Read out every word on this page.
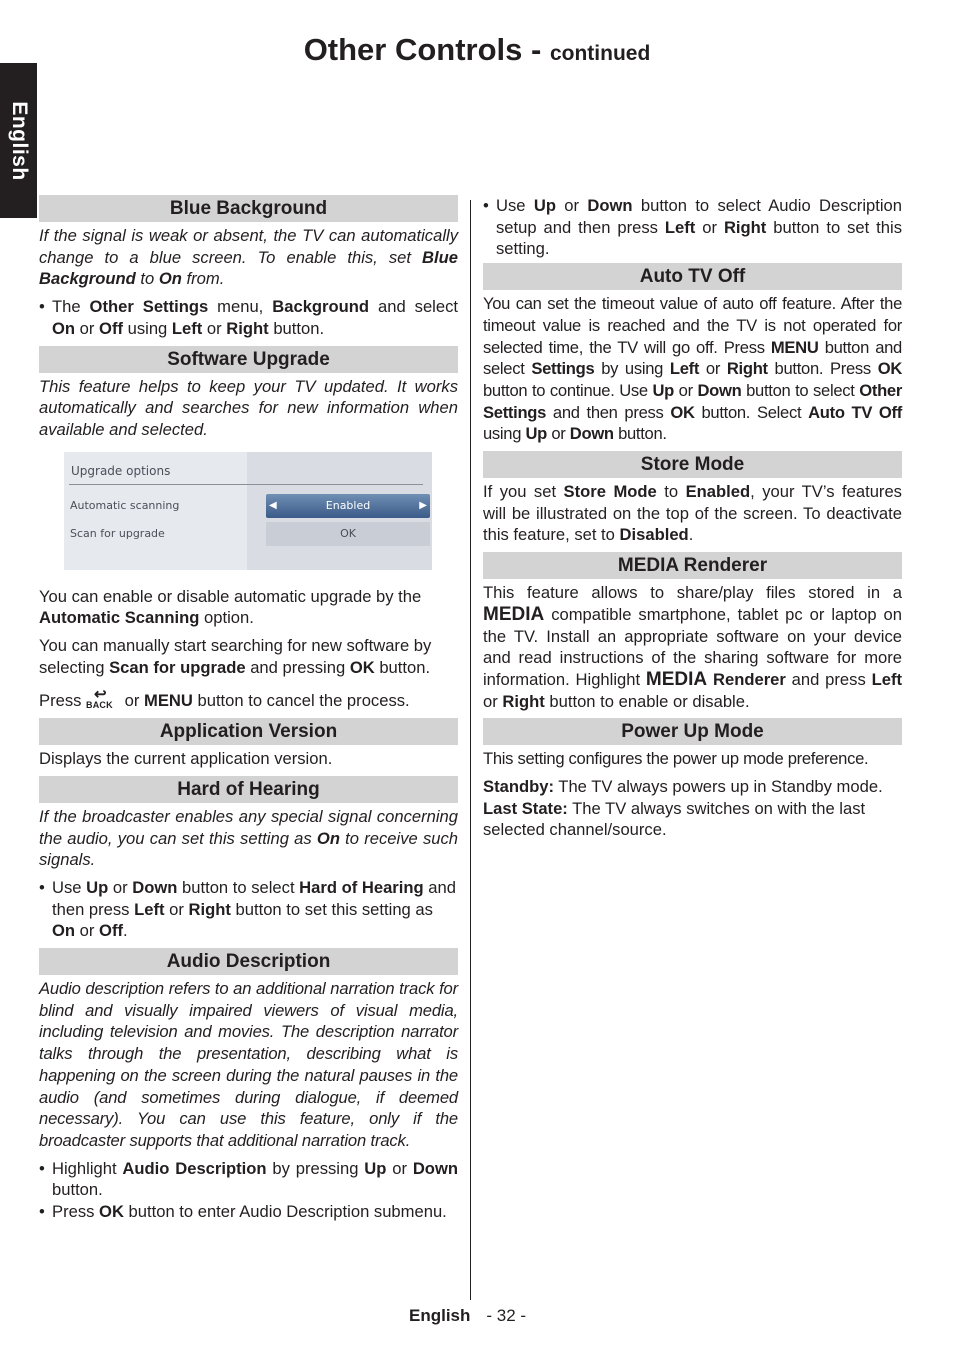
Other Controls - continued
English
Blue Background

If the signal is weak or absent, the TV can automatically change to a blue screen. To enable this, set Blue Background to On from.

• The Other Settings menu, Background and select On or Off using Left or Right button.
Software Upgrade

This feature helps to keep your TV updated. It works automatically and searches for new information when available and selected.

Upgrade options
Automatic scanning
Scan for upgrade
◀	Enabled	▶
OK

You can enable or disable automatic upgrade by the Automatic Scanning option.

You can manually start searching for new software by selecting Scan for upgrade and pressing OK button.

Press ↩
BACK or MENU button to cancel the process.

Application Version

Displays the current application version.

Hard of Hearing

If the broadcaster enables any special signal concerning the audio, you can set this setting as On to receive such signals.

• Use Up or Down button to select Hard of Hearing and then press Left or Right button to set this setting as On or Off.
Audio Description

Audio description refers to an additional narration track for blind and visually impaired viewers of visual media, including television and movies. The description narrator talks through the presentation, describing what is happening on the screen during the natural pauses in the audio (and sometimes during dialogue, if deemed necessary). You can use this feature, only if the broadcaster supports that additional narration track.

• Highlight Audio Description by pressing Up or Down button.
• Press OK button to enter Audio Description submenu.
• Use Up or Down button to select Audio Description setup and then press Left or Right button to set this setting.
Auto TV Off

You can set the timeout value of auto off feature. After the timeout value is reached and the TV is not operated for selected time, the TV will go off. Press MENU button and select Settings by using Left or Right button. Press OK button to continue. Use Up or Down button to select Other Settings and then press OK button. Select Auto TV Off using Up or Down button.

Store Mode

If you set Store Mode to Enabled, your TV’s features will be illustrated on the top of the screen. To deactivate this feature, set to Disabled.

MEDIA Renderer

This feature allows to share/play files stored in a MEDIA compatible smartphone, tablet pc or laptop on the TV. Install an appropriate software on your device and read instructions of the sharing software for more information. Highlight MEDIA Renderer and press Left or Right button to enable or disable.

Power Up Mode

This setting configures the power up mode preference.

Standby: The TV always powers up in Standby mode.
Last State: The TV always switches on with the last selected channel/source.

English - 32 -
